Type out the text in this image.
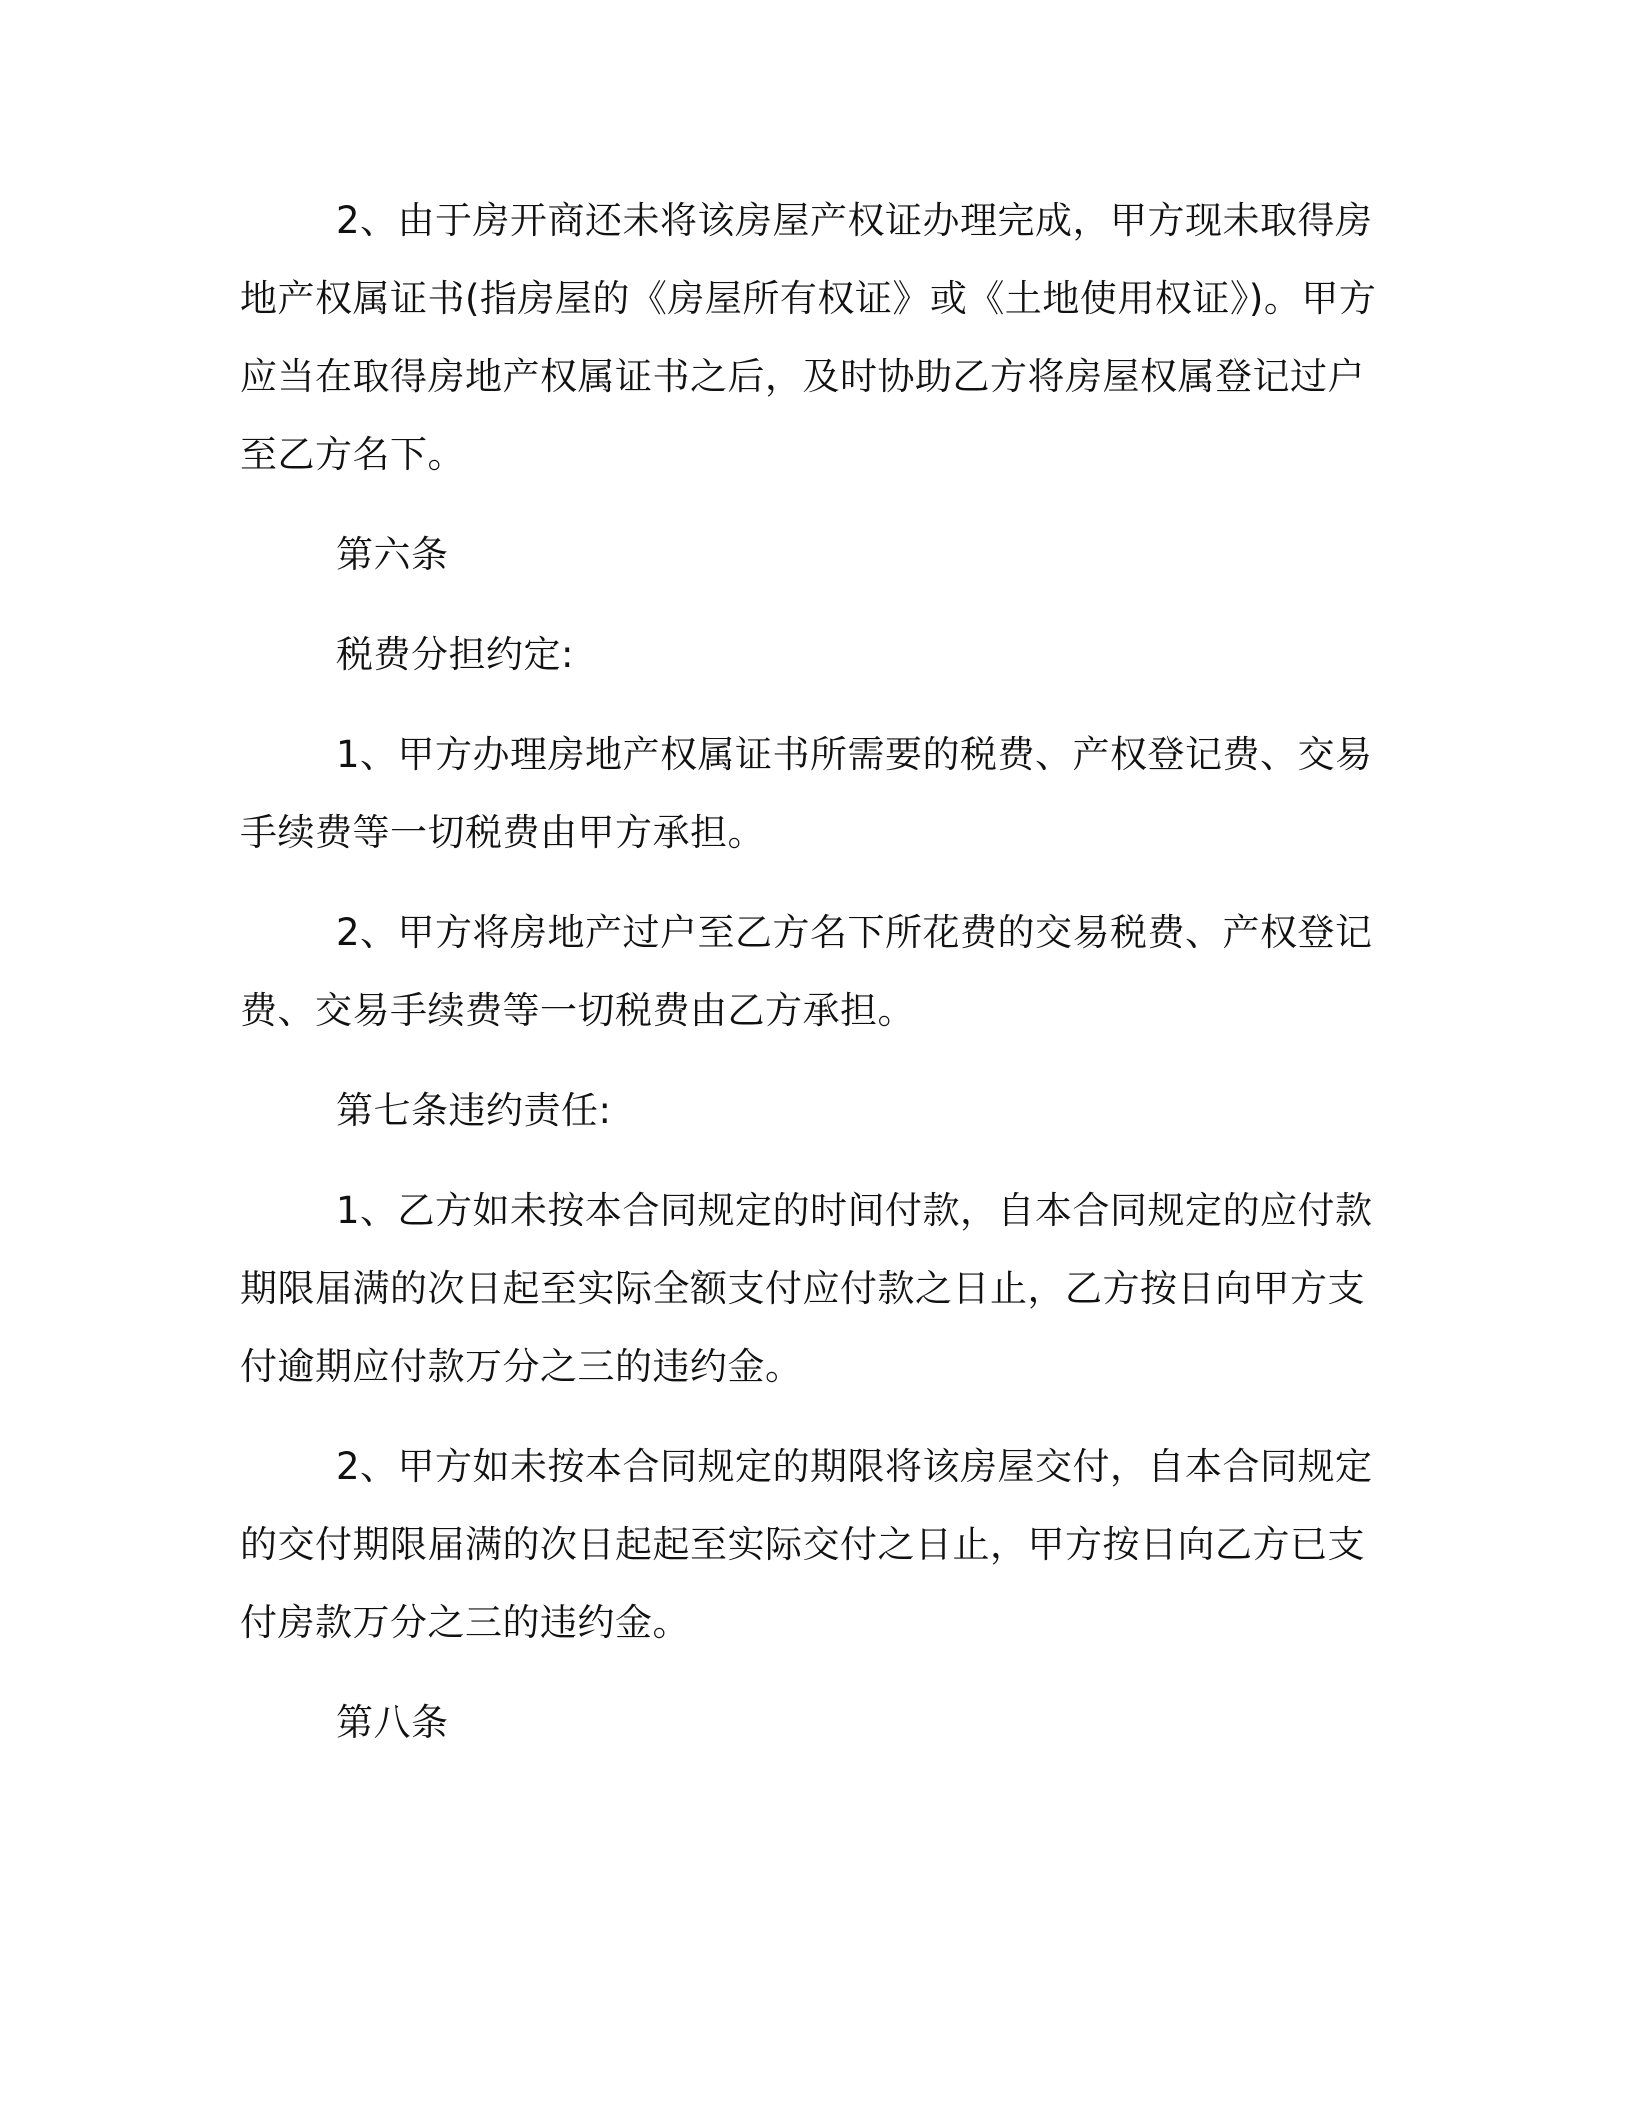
2、由于房开商还未将该房屋产权证办理完成，甲方现未取得房
地产权属证书(指房屋的《房屋所有权证》或《土地使用权证》)。甲方
应当在取得房地产权属证书之后，及时协助乙方将房屋权属登记过户
至乙方名下。
第六条
税费分担约定:
1、甲方办理房地产权属证书所需要的税费、产权登记费、交易
手续费等一切税费由甲方承担。
2、甲方将房地产过户至乙方名下所花费的交易税费、产权登记
费、交易手续费等一切税费由乙方承担。
第七条违约责任:
1、乙方如未按本合同规定的时间付款，自本合同规定的应付款
期限届满的次日起至实际全额支付应付款之日止，乙方按日向甲方支
付逾期应付款万分之三的违约金。
2、甲方如未按本合同规定的期限将该房屋交付，自本合同规定
的交付期限届满的次日起起至实际交付之日止，甲方按日向乙方已支
付房款万分之三的违约金。
第八条
